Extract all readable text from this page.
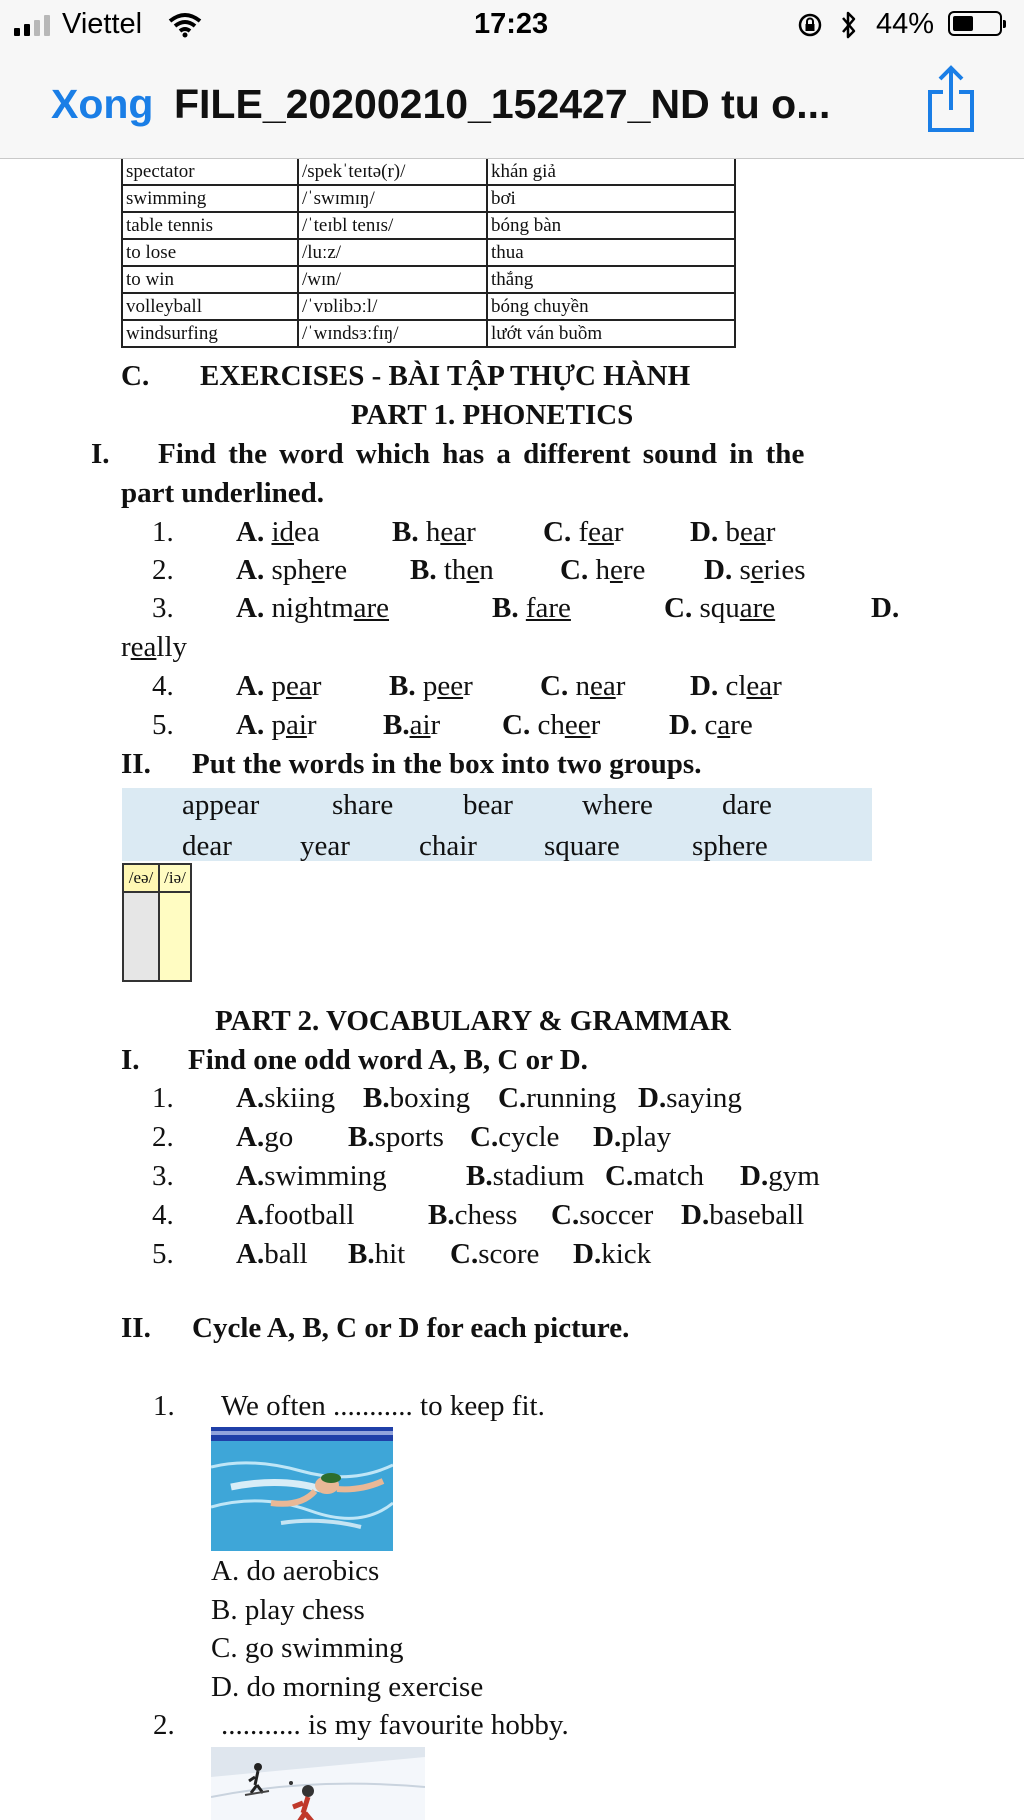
Viettel	17:23	44%
Xong FILE_20200210_152427_ND tu o...
spectator	/spekˈteɪtə(r)/	khán giả
swimming	/ˈswɪmɪŋ/	bơi
table tennis	/ˈteɪbl tenɪs/	bóng bàn
to lose	/luːz/	thua
to win	/wɪn/	thắng
volleyball	/ˈvɒlibɔːl/	bóng chuyền
windsurfing	/ˈwɪndsɜːfɪŋ/	lướt ván buồm
C. EXERCISES - BÀI TẬP THỰC HÀNH
PART 1. PHONETICS
I. Find the word which has a different sound in the
part underlined.
1. A. idea B. hear C. fear D. bear
2. A. sphere B. then C. here D. series
3. A. nightmare	B. fare	C. square	D.
really
4. A. pear B. peer C. near D. clear
5. A. pair B.air C. cheer D. care
II. Put the words in the box into two groups.
appear	share bear where dare
dear year chair square sphere
/eə/ /iə/
PART 2. VOCABULARY & GRAMMAR
I. Find one odd word A, B, C or D.
1. A.skiing B.boxing C.running D.saying
2. A.go B.sports C.cycle D.play
3. A.swimming	B.stadium C.match D.gym
4. A.football	B.chess C.soccer D.baseball
5. A.ball B.hit C.score D.kick
II. Cycle A, B, C or D for each picture.
1. We often ........... to keep fit.
A. do aerobics
B. play chess
C. go swimming
D. do morning exercise
2. ........... is my favourite hobby.
